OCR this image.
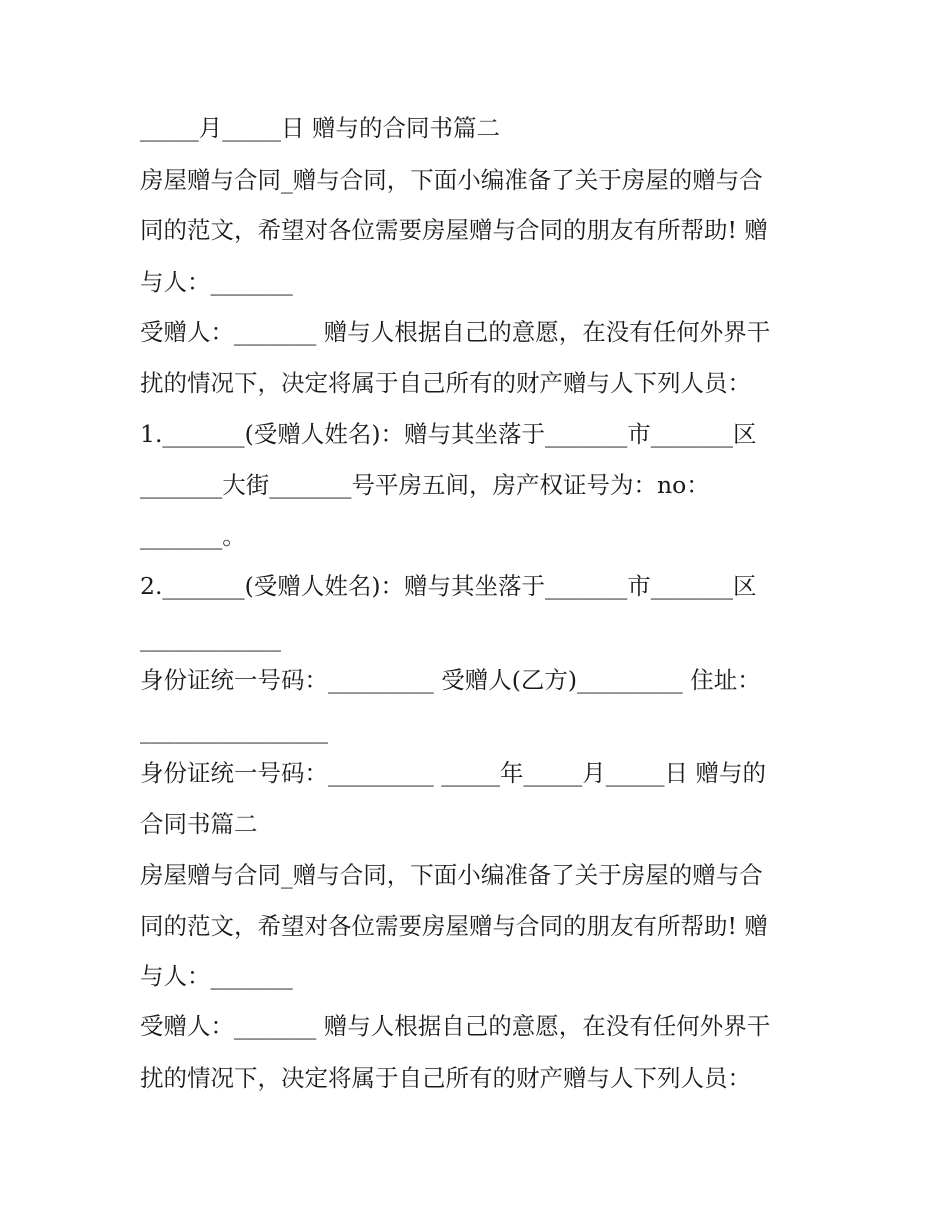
_____月_____日 赠与的合同书篇二
房屋赠与合同_赠与合同，下面小编准备了关于房屋的赠与合
同的范文，希望对各位需要房屋赠与合同的朋友有所帮助! 赠
与人：_______
受赠人：_______ 赠与人根据自己的意愿，在没有任何外界干
扰的情况下，决定将属于自己所有的财产赠与人下列人员：
1._______(受赠人姓名)：赠与其坐落于_______市_______区
_______大街_______号平房五间，房产权证号为：no：
_______。
2._______(受赠人姓名)：赠与其坐落于_______市_______区
____________
身份证统一号码：_________ 受赠人(乙方)_________ 住址：
________________
身份证统一号码：_________ _____年_____月_____日 赠与的
合同书篇二
房屋赠与合同_赠与合同，下面小编准备了关于房屋的赠与合
同的范文，希望对各位需要房屋赠与合同的朋友有所帮助! 赠
与人：_______
受赠人：_______ 赠与人根据自己的意愿，在没有任何外界干
扰的情况下，决定将属于自己所有的财产赠与人下列人员：
